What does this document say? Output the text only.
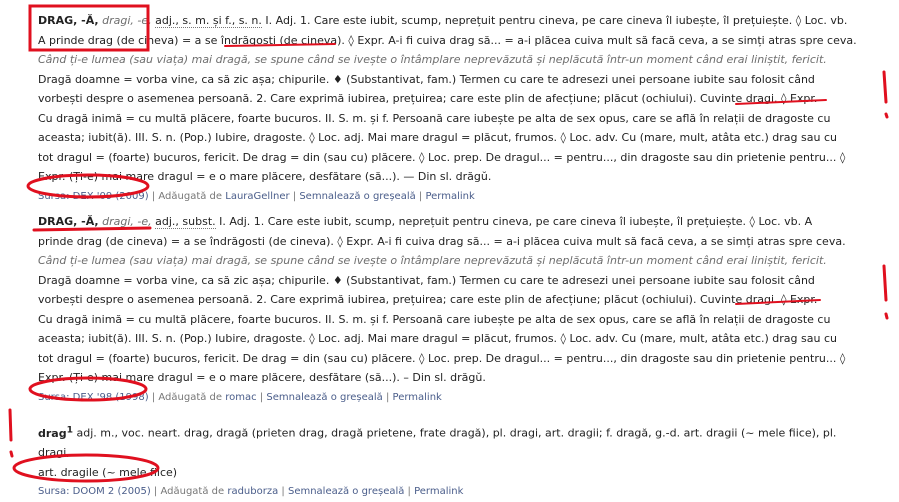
DRAG, -Ă, dragi, -e, adj., s. m. și f., s. n. I. Adj. 1. Care este iubit, scump, neprețuit pentru cineva, pe care cineva îl iubește, îl prețuiește. ◊ Loc. vb.
A prinde drag (de cineva) = a se îndrăgosti (de cineva). ◊ Expr. A-i fi cuiva drag să... = a-i plăcea cuiva mult să facă ceva, a se simți atras spre ceva.
Când ți-e lumea (sau viața) mai dragă, se spune când se ivește o întâmplare neprevăzută și neplăcută într-un moment când erai liniștit, fericit.
Dragă doamne = vorba vine, ca să zic așa; chipurile. ♦ (Substantivat, fam.) Termen cu care te adresezi unei persoane iubite sau folosit când
vorbești despre o asemenea persoană. 2. Care exprimă iubirea, prețuirea; care este plin de afecțiune; plăcut (ochiului). Cuvinte dragi. ◊ Expr.
Cu dragă inimă = cu multă plăcere, foarte bucuros. II. S. m. și f. Persoană care iubește pe alta de sex opus, care se află în relații de dragoste cu
aceasta; iubit(ă). III. S. n. (Pop.) Iubire, dragoste. ◊ Loc. adj. Mai mare dragul = plăcut, frumos. ◊ Loc. adv. Cu (mare, mult, atâta etc.) drag sau cu
tot dragul = (foarte) bucuros, fericit. De drag = din (sau cu) plăcere. ◊ Loc. prep. De dragul... = pentru..., din dragoste sau din prietenie pentru... ◊
Expr. (Ți-e) mai mare dragul = e o mare plăcere, desfătare (să...). — Din sl. drăgŭ.
Sursa: DEX '09 (2009) | Adăugată de LauraGellner | Semnalează o greșeală | Permalink
DRAG, -Ă, dragi, -e, adj., subst. I. Adj. 1. Care este iubit, scump, neprețuit pentru cineva, pe care cineva îl iubește, îl prețuiește. ◊ Loc. vb. A
prinde drag (de cineva) = a se îndrăgosti (de cineva). ◊ Expr. A-i fi cuiva drag să... = a-i plăcea cuiva mult să facă ceva, a se simți atras spre ceva.
Când ți-e lumea (sau viața) mai dragă, se spune când se ivește o întâmplare neprevăzută și neplăcută într-un moment când erai liniștit, fericit.
Dragă doamne = vorba vine, ca să zic așa; chipurile. ♦ (Substantivat, fam.) Termen cu care te adresezi unei persoane iubite sau folosit când
vorbești despre o asemenea persoană. 2. Care exprimă iubirea, prețuirea; care este plin de afecțiune; plăcut (ochiului). Cuvinte dragi. ◊ Expr.
Cu dragă inimă = cu multă plăcere, foarte bucuros. II. S. m. și f. Persoană care iubește pe alta de sex opus, care se află în relații de dragoste cu
aceasta; iubit(ă). III. S. n. (Pop.) Iubire, dragoste. ◊ Loc. adj. Mai mare dragul = plăcut, frumos. ◊ Loc. adv. Cu (mare, mult, atâta etc.) drag sau cu
tot dragul = (foarte) bucuros, fericit. De drag = din (sau cu) plăcere. ◊ Loc. prep. De dragul... = pentru..., din dragoste sau din prietenie pentru... ◊
Expr. (Ți-e) mai mare dragul = e o mare plăcere, desfătare (să...). – Din sl. drăgŭ.
Sursa: DEX '98 (1998) | Adăugată de romac | Semnalează o greșeală | Permalink
drag$^1$ adj. m., voc. neart. drag, dragă (prieten drag, dragă prietene, frate dragă), pl. dragi, art. dragii; f. dragă, g.-d. art. dragii (~ mele fiice), pl. dragi,
art. dragile (~ mele fiice)
Sursa: DOOM 2 (2005) | Adăugată de raduborza | Semnalează o greșeală | Permalink
